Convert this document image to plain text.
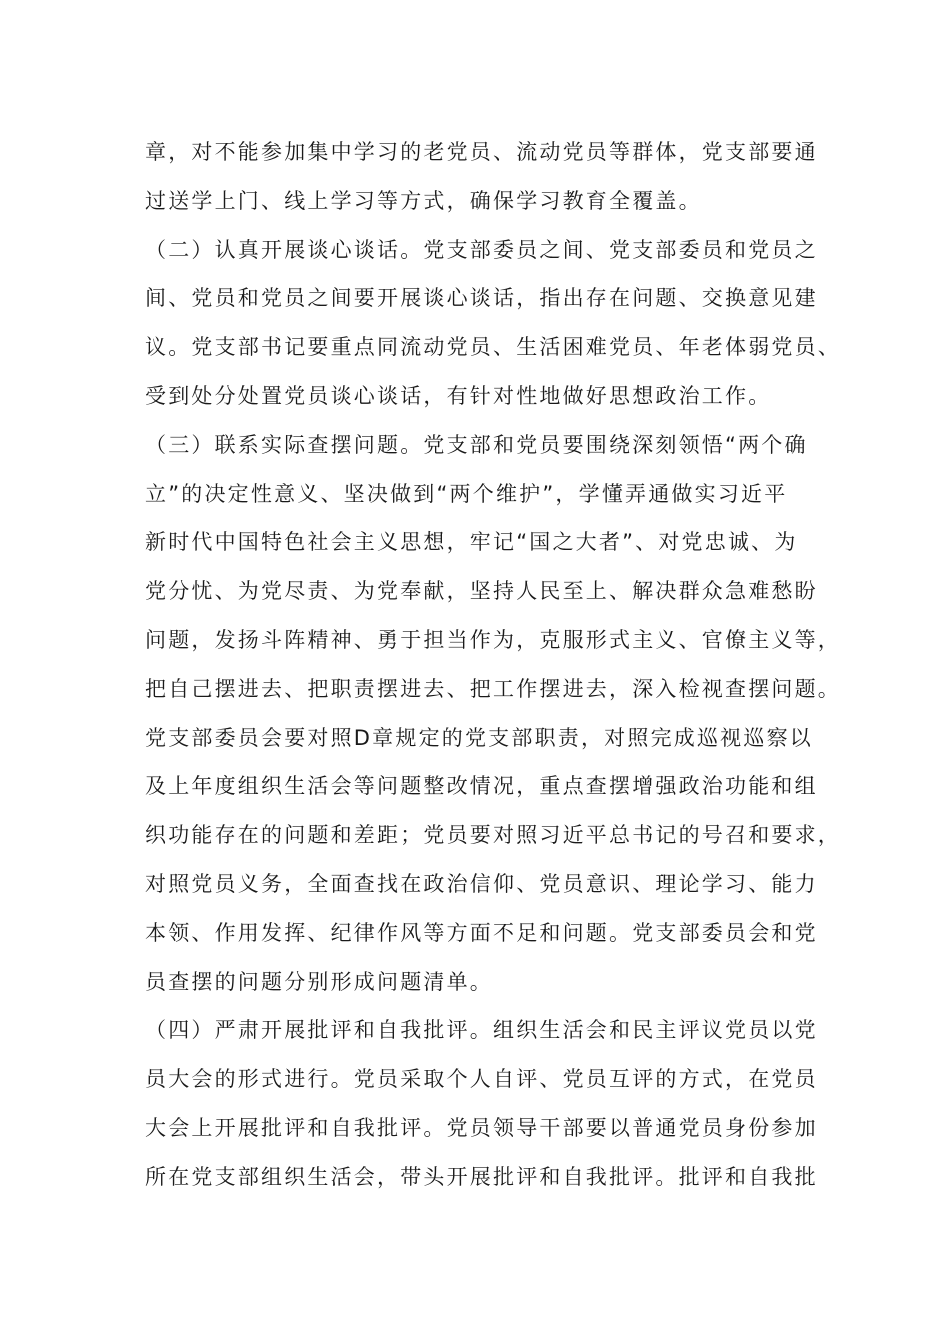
章，对不能参加集中学习的老党员、流动党员等群体，党支部要通
过送学上门、线上学习等方式，确保学习教育全覆盖。
（二）认真开展谈心谈话。党支部委员之间、党支部委员和党员之
间、党员和党员之间要开展谈心谈话，指出存在问题、交换意见建
议。党支部书记要重点同流动党员、生活困难党员、年老体弱党员、
受到处分处置党员谈心谈话，有针对性地做好思想政治工作。
（三）联系实际查摆问题。党支部和党员要围绕深刻领悟“两个确
立”的决定性意义、坚决做到“两个维护”，学懂弄通做实习近平
新时代中国特色社会主义思想，牢记“国之大者”、对党忠诚、为
党分忧、为党尽责、为党奉献，坚持人民至上、解决群众急难愁盼
问题，发扬斗阵精神、勇于担当作为，克服形式主义、官僚主义等，
把自己摆进去、把职责摆进去、把工作摆进去，深入检视查摆问题。
党支部委员会要对照D章规定的党支部职责，对照完成巡视巡察以
及上年度组织生活会等问题整改情况，重点查摆增强政治功能和组
织功能存在的问题和差距；党员要对照习近平总书记的号召和要求，
对照党员义务，全面查找在政治信仰、党员意识、理论学习、能力
本领、作用发挥、纪律作风等方面不足和问题。党支部委员会和党
员查摆的问题分别形成问题清单。
（四）严肃开展批评和自我批评。组织生活会和民主评议党员以党
员大会的形式进行。党员采取个人自评、党员互评的方式，在党员
大会上开展批评和自我批评。党员领导干部要以普通党员身份参加
所在党支部组织生活会，带头开展批评和自我批评。批评和自我批
